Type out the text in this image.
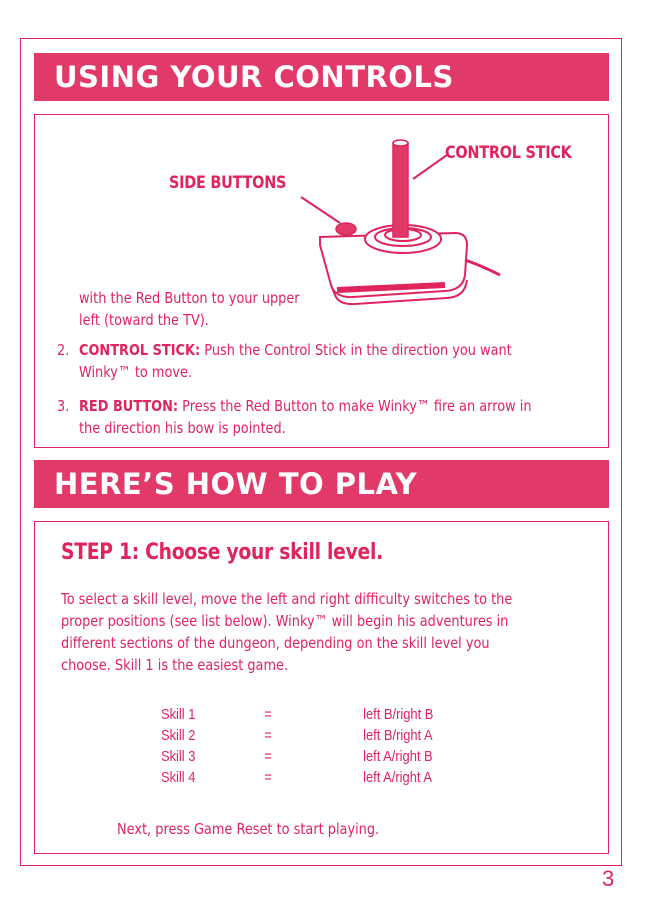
USING YOUR CONTROLS
SIDE BUTTONS
CONTROL STICK
with the Red Button to your upper
left (toward the TV).
2. CONTROL STICK: Push the Control Stick in the direction you want
Winky™ to move.
3. RED BUTTON: Press the Red Button to make Winky™ fire an arrow in
the direction his bow is pointed.
HERE’S HOW TO PLAY
STEP 1: Choose your skill level.
To select a skill level, move the left and right difficulty switches to the
proper positions (see list below). Winky™ will begin his adventures in
different sections of the dungeon, depending on the skill level you
choose. Skill 1 is the easiest game.
Skill 1	=	left B/right B
Skill 2	=	left B/right A
Skill 3	=	left A/right B
Skill 4	=	left A/right A
Next, press Game Reset to start playing.
3
